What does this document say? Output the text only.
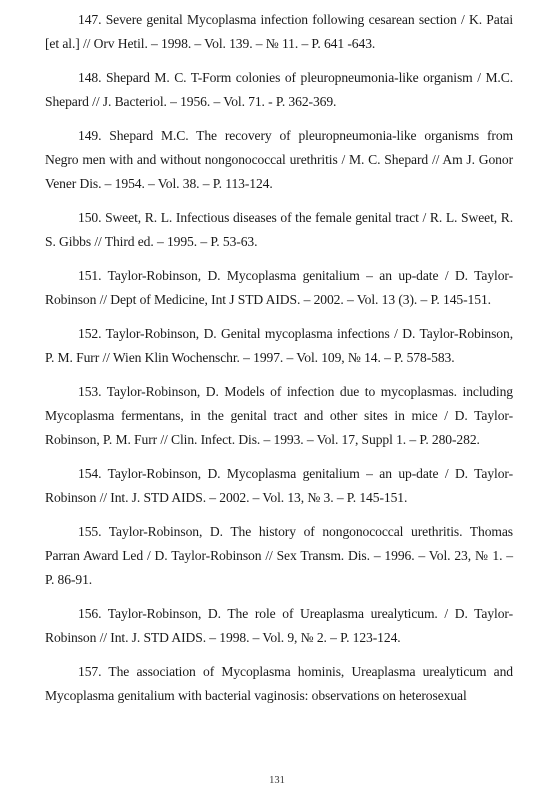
147. Severe genital Mycoplasma infection following cesarean section / K. Patai [et al.] // Orv Hetil. – 1998. – Vol. 139. – № 11. – P. 641 -643.

148. Shepard M. C. T-Form colonies of pleuropneumonia-like organism / M.C. Shepard // J. Bacteriol. – 1956. – Vol. 71. - P. 362-369.

149. Shepard M.C. The recovery of pleuropneumonia-like organisms from Negro men with and without nongonococcal urethritis / M. C. Shepard // Am J. Gonor Vener Dis. – 1954. – Vol. 38. – P. 113-124.

150. Sweet, R. L. Infectious diseases of the female genital tract / R. L. Sweet, R. S. Gibbs // Third ed. – 1995. – P. 53-63.

151. Taylor-Robinson, D. Mycoplasma genitalium – an up-date / D. Taylor-Robinson // Dept of Medicine, Int J STD AIDS. – 2002. – Vol. 13 (3). – P. 145-151.

152. Taylor-Robinson, D. Genital mycoplasma infections / D. Taylor-Robinson, P. M. Furr // Wien Klin Wochenschr. – 1997. – Vol. 109, № 14. – P. 578-583.

153. Taylor-Robinson, D. Models of infection due to mycoplasmas. including Mycoplasma fermentans, in the genital tract and other sites in mice / D. Taylor-Robinson, P. M. Furr // Clin. Infect. Dis. – 1993. – Vol. 17, Suppl 1. – P. 280-282.

154. Taylor-Robinson, D. Mycoplasma genitalium – an up-date / D. Taylor-Robinson // Int. J. STD AIDS. – 2002. – Vol. 13, № 3. – P. 145-151.

155. Taylor-Robinson, D. The history of nongonococcal urethritis. Thomas Parran Award Led / D. Taylor-Robinson // Sex Transm. Dis. – 1996. – Vol. 23, № 1. – P. 86-91.

156. Taylor-Robinson, D. The role of Ureaplasma urealyticum. / D. Taylor-Robinson // Int. J. STD AIDS. – 1998. – Vol. 9, № 2. – P. 123-124.

157. The association of Mycoplasma hominis, Ureaplasma urealyticum and Mycoplasma genitalium with bacterial vaginosis: observations on heterosexual

131
